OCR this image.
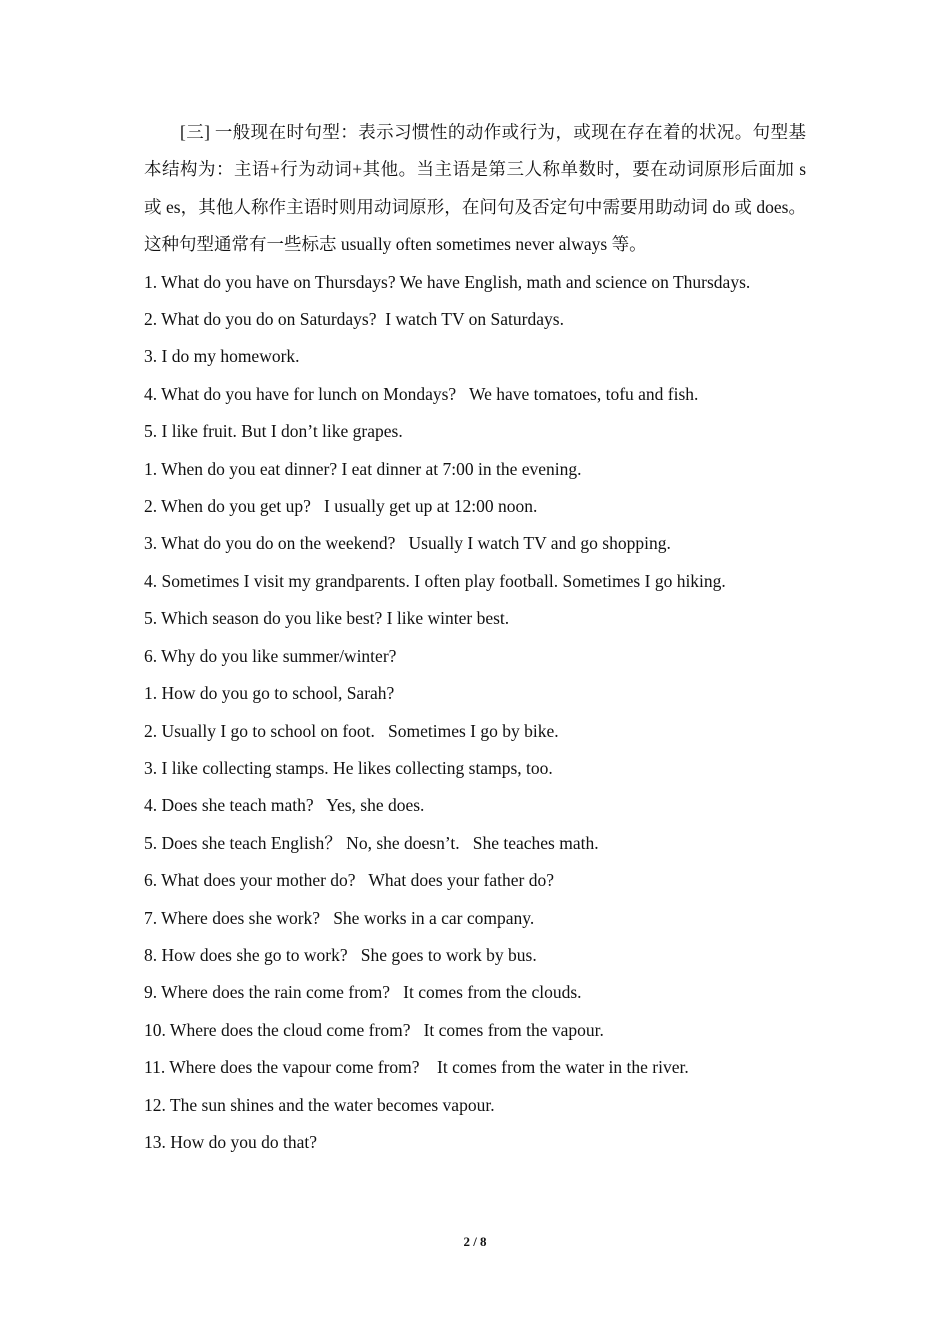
[三] 一般现在时句型：表示习惯性的动作或行为，或现在存在着的状况。句型基本结构为：主语+行为动词+其他。当主语是第三人称单数时，要在动词原形后面加 s 或 es，其他人称作主语时则用动词原形，在问句及否定句中需要用助动词 do 或 does。这种句型通常有一些标志 usually often sometimes never always 等。

1. What do you have on Thursdays? We have English, math and science on Thursdays.

2. What do you do on Saturdays?  I watch TV on Saturdays.

3. I do my homework.

4. What do you have for lunch on Mondays?   We have tomatoes, tofu and fish.

5. I like fruit. But I don’t like grapes.

1. When do you eat dinner? I eat dinner at 7:00 in the evening.

2. When do you get up?   I usually get up at 12:00 noon.

3. What do you do on the weekend?   Usually I watch TV and go shopping.

4. Sometimes I visit my grandparents. I often play football. Sometimes I go hiking.

5. Which season do you like best? I like winter best.

6. Why do you like summer/winter?

1. How do you go to school, Sarah?

2. Usually I go to school on foot.   Sometimes I go by bike.

3. I like collecting stamps. He likes collecting stamps, too.

4. Does she teach math?   Yes, she does.

5. Does she teach English？ No, she doesn’t.   She teaches math.

6. What does your mother do?   What does your father do?

7. Where does she work?   She works in a car company.

8. How does she go to work?   She goes to work by bus.

9. Where does the rain come from?   It comes from the clouds.

10. Where does the cloud come from?   It comes from the vapour.

11. Where does the vapour come from?    It comes from the water in the river.

12. The sun shines and the water becomes vapour.

13. How do you do that?

2 / 8
